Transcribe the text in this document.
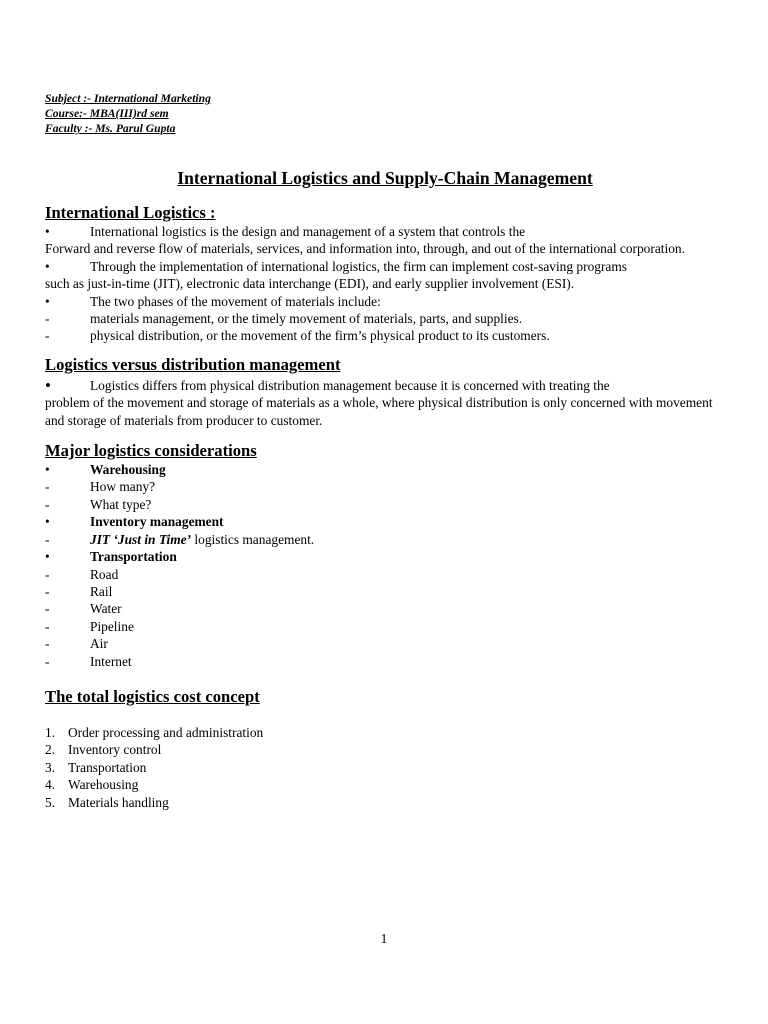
Subject :- International Marketing
Course:- MBA(III)rd sem
Faculty :- Ms. Parul Gupta
International Logistics and Supply-Chain Management
International Logistics :
•	International logistics is the design and management of a system that controls the
Forward and reverse flow of materials, services, and information into, through, and out of the international corporation.
•	Through the implementation of international logistics, the firm can implement cost-saving programs
such as just-in-time (JIT), electronic data interchange (EDI), and early supplier involvement (ESI).
•	The two phases of the movement of materials include:
-	materials management, or the timely movement of materials, parts, and supplies.
-	physical distribution, or the movement of the firm’s physical product to its customers.
Logistics versus distribution management
•	Logistics differs from physical distribution management because it is concerned with treating the
problem of the movement and storage of materials as a whole, where physical distribution is only concerned with movement and storage of materials from producer to customer.
Major logistics considerations
•	Warehousing
-	How many?
-	What type?
•	Inventory management
-	JIT ‘Just in Time’ logistics management.
•	Transportation
-	Road
-	Rail
-	Water
-	Pipeline
-	Air
-	Internet
The total logistics cost concept
1. Order processing and administration
2. Inventory control
3. Transportation
4. Warehousing
5. Materials handling
1
